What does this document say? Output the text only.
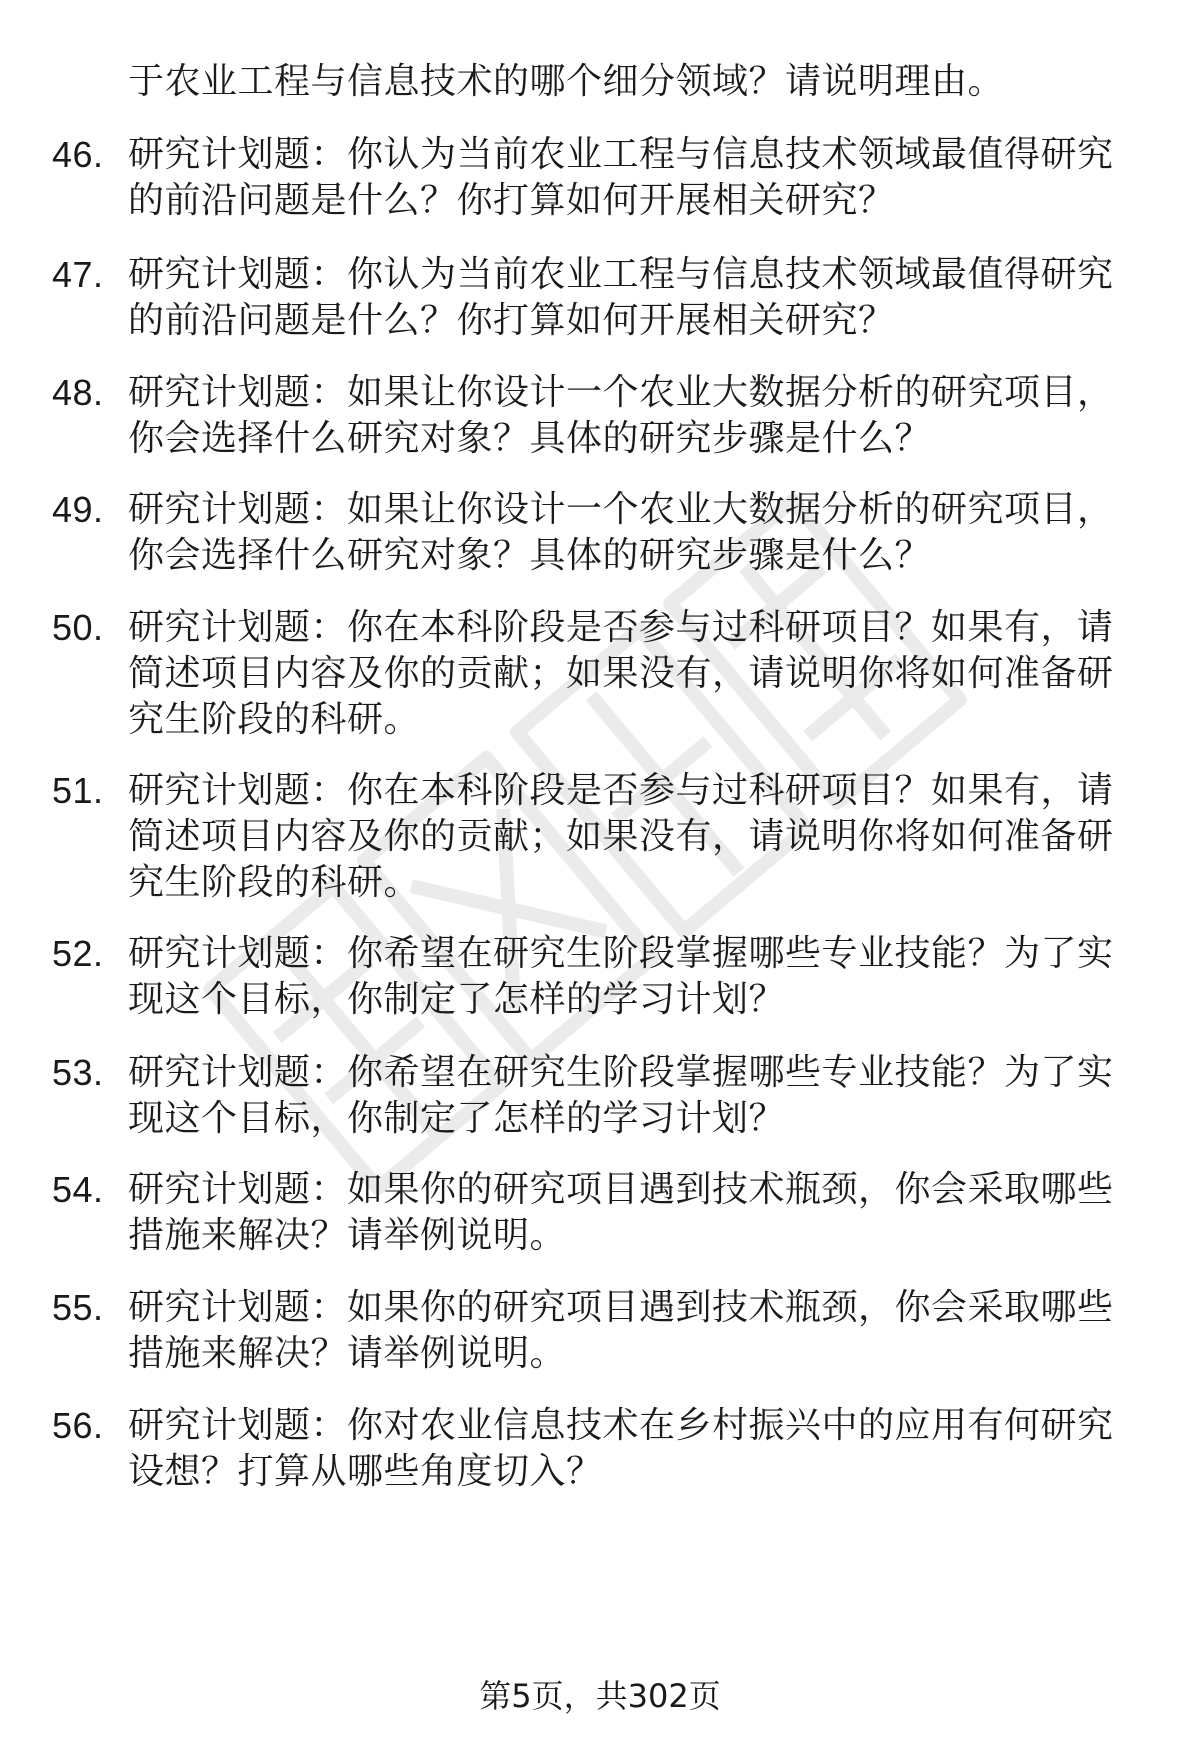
于农业工程与信息技术的哪个细分领域？请说明理由。
46. 研究计划题：你认为当前农业工程与信息技术领域最值得研究的前沿问题是什么？你打算如何开展相关研究？
47. 研究计划题：你认为当前农业工程与信息技术领域最值得研究的前沿问题是什么？你打算如何开展相关研究？
48. 研究计划题：如果让你设计一个农业大数据分析的研究项目，你会选择什么研究对象？具体的研究步骤是什么？
49. 研究计划题：如果让你设计一个农业大数据分析的研究项目，你会选择什么研究对象？具体的研究步骤是什么？
50. 研究计划题：你在本科阶段是否参与过科研项目？如果有，请简述项目内容及你的贡献；如果没有，请说明你将如何准备研究生阶段的科研。
51. 研究计划题：你在本科阶段是否参与过科研项目？如果有，请简述项目内容及你的贡献；如果没有，请说明你将如何准备研究生阶段的科研。
52. 研究计划题：你希望在研究生阶段掌握哪些专业技能？为了实现这个目标，你制定了怎样的学习计划？
53. 研究计划题：你希望在研究生阶段掌握哪些专业技能？为了实现这个目标，你制定了怎样的学习计划？
54. 研究计划题：如果你的研究项目遇到技术瓶颈，你会采取哪些措施来解决？请举例说明。
55. 研究计划题：如果你的研究项目遇到技术瓶颈，你会采取哪些措施来解决？请举例说明。
56. 研究计划题：你对农业信息技术在乡村振兴中的应用有何研究设想？打算从哪些角度切入？
第5页，共302页
